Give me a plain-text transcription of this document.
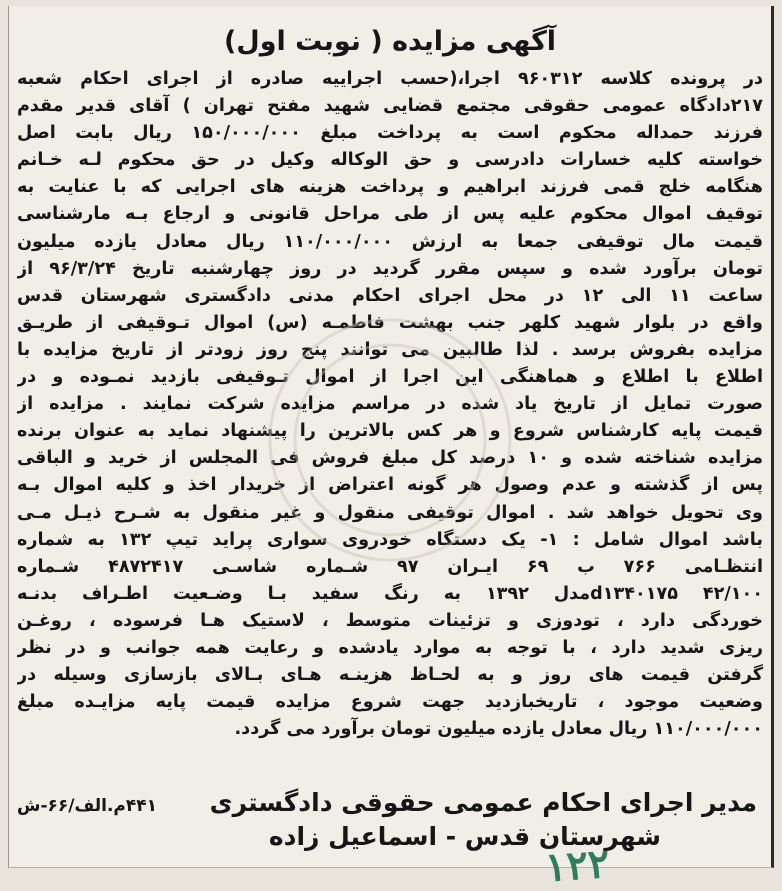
آگهی مزایده ( نوبت اول)
در پرونده کلاسه ۹۶۰۳۱۲ اجرا،(حسب اجراییه صادره از اجرای احکام شعبه
۲۱۷دادگاه عمومی حقوقی مجتمع قضایی شهید مفتح تهران ) آقای قدیر مقدم
فرزند حمداله محکوم است به پرداخت مبلغ ۱۵۰/۰۰۰/۰۰۰ ریال بابت اصل
خواسته کلیه خسارات دادرسی و حق الوکاله وکیل در حق محکوم لـه خـانم
هنگامه خلج قمی فرزند ابراهیم و پرداخت هزینه های اجرایی که با عنایت به
توقیف اموال محکوم علیه پس از طی مراحل قانونی و ارجاع بـه مارشناسی
قیمت مال توقیفی جمعا به ارزش ۱۱۰/۰۰۰/۰۰۰ ریال معادل یازده میلیون
تومان برآورد شده و سپس مقرر گردید در روز چهارشنبه تاریخ ۹۶/۳/۲۴ از
ساعت ۱۱ الی ۱۲ در محل اجرای احکام مدنی دادگستری شهرستان قدس
واقع در بلوار شهید کلهر جنب بهشت فاطمـه (س) اموال تـوقیفی از طریـق
مزایده بفروش برسد . لذا طالبین می توانند پنج روز زودتر از تاریخ مزایده با
اطلاع با اطلاع و هماهنگی این اجرا از اموال تـوقیفی بازدید نمـوده و در
صورت تمایل از تاریخ یاد شده در مراسم مزایده شرکت نمایند . مزایده از
قیمت پایه کارشناس شروع و هر کس بالاترین را پیشنهاد نماید به عنوان برنده
مزایده شناخته شده و ۱۰ درصد کل مبلغ فروش فی المجلس از خرید و الباقی
پس از گذشته و عدم وصول هر گونه اعتراض از خریدار اخذ و کلیه اموال بـه
وی تحویل خواهد شد . اموال توقیفی منقول و غیر منقول به شـرح ذیـل مـی
باشد اموال شامل : ۱- یک دستگاه خودروی سواری پراید تیپ ۱۳۲ به شماره
انتظـامی ۷۶۶ ب ۶۹ ایـران ۹۷ شـماره شاسـی ۴۸۷۲۴۱۷ شـماره
d۱۳۴۰۱۷۵ ۴۲/۱۰۰مدل ۱۳۹۲ به رنگ سفید بـا وضـعیت اطـراف بدنـه
خوردگی دارد ، تودوزی و تزئینات متوسط ، لاستیک هـا فرسوده ، روغـن
ریزی شدید دارد ، با توجه به موارد یادشده و رعایت همه جوانب و در نظر
گرفتن قیمت های روز و به لحـاظ هزینـه هـای بـالای بازسازی وسیله در
وضعیت موجود ، تاریخبازدید جهت شروع مزایده قیمت پایه مزایـده مبلغ
۱۱۰/۰۰۰/۰۰۰ ریال معادل یازده میلیون تومان برآورد می گردد.
۴۴۱م.الف/۶۶-ش مدیر اجرای احکام عمومی حقوقی دادگستری
شهرستان قدس - اسماعیل زاده
۱۲۲
